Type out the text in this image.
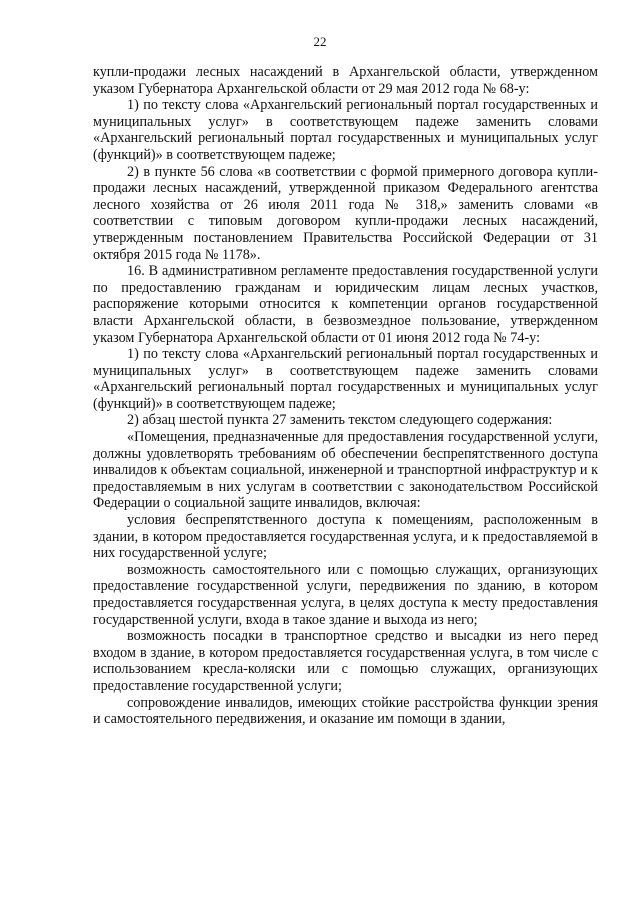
22

купли-продажи лесных насаждений в Архангельской области, утвержденном указом Губернатора Архангельской области от 29 мая 2012 года № 68-у:

1) по тексту слова «Архангельский региональный портал государственных и муниципальных услуг» в соответствующем падеже заменить словами «Архангельский региональный портал государственных и муниципальных услуг (функций)» в соответствующем падеже;

2) в пункте 56 слова «в соответствии с формой примерного договора купли-продажи лесных насаждений, утвержденной приказом Федерального агентства лесного хозяйства от 26 июля 2011 года № 318,» заменить словами «в соответствии с типовым договором купли-продажи лесных насаждений, утвержденным постановлением Правительства Российской Федерации от 31 октября 2015 года № 1178».

16. В административном регламенте предоставления государственной услуги по предоставлению гражданам и юридическим лицам лесных участков, распоряжение которыми относится к компетенции органов государственной власти Архангельской области, в безвозмездное пользование, утвержденном указом Губернатора Архангельской области от 01 июня 2012 года № 74-у:

1) по тексту слова «Архангельский региональный портал государственных и муниципальных услуг» в соответствующем падеже заменить словами «Архангельский региональный портал государственных и муниципальных услуг (функций)» в соответствующем падеже;

2) абзац шестой пункта 27 заменить текстом следующего содержания:

«Помещения, предназначенные для предоставления государственной услуги, должны удовлетворять требованиям об обеспечении беспрепятственного доступа инвалидов к объектам социальной, инженерной и транспортной инфраструктур и к предоставляемым в них услугам в соответствии с законодательством Российской Федерации о социальной защите инвалидов, включая:

условия беспрепятственного доступа к помещениям, расположенным в здании, в котором предоставляется государственная услуга, и к предоставляемой в них государственной услуге;

возможность самостоятельного или с помощью служащих, организующих предоставление государственной услуги, передвижения по зданию, в котором предоставляется государственная услуга, в целях доступа к месту предоставления государственной услуги, входа в такое здание и выхода из него;

возможность посадки в транспортное средство и высадки из него перед входом в здание, в котором предоставляется государственная услуга, в том числе с использованием кресла-коляски или с помощью служащих, организующих предоставление государственной услуги;

сопровождение инвалидов, имеющих стойкие расстройства функции зрения и самостоятельного передвижения, и оказание им помощи в здании,
